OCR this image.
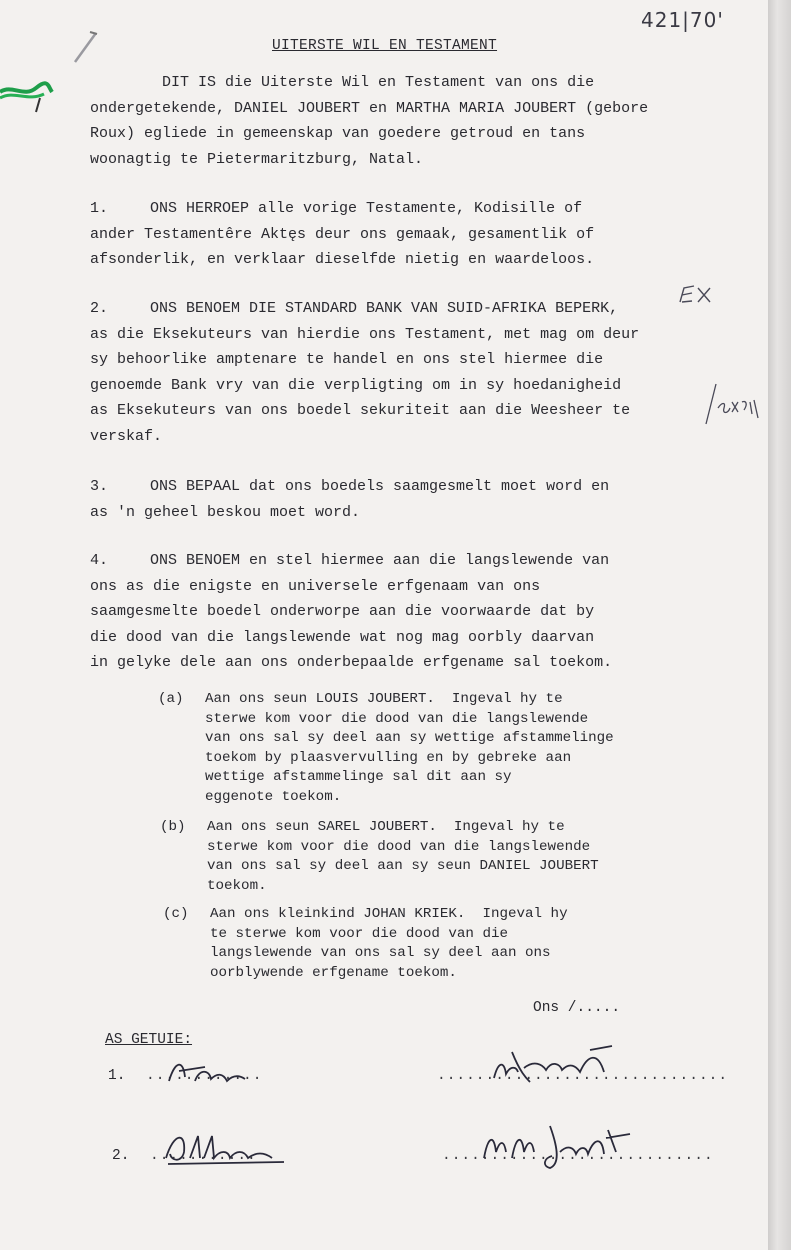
421|70'
UITERSTE WIL EN TESTAMENT
DIT IS die Uiterste Wil en Testament van ons die
ondergetekende, DANIEL JOUBERT en MARTHA MARIA JOUBERT (gebore
Roux) egliede in gemeenskap van goedere getroud en tans
woonagtig te Pietermaritzburg, Natal.
1.	ONS HERROEP alle vorige Testamente, Kodisille of
ander Testamentêre Aktęs deur ons gemaak, gesamentlik of
afsonderlik, en verklaar dieselfde nietig en waardeloos.
2.	ONS BENOEM DIE STANDARD BANK VAN SUID-AFRIKA BEPERK,
as die Eksekuteurs van hierdie ons Testament, met mag om deur
sy behoorlike amptenare te handel en ons stel hiermee die
genoemde Bank vry van die verpligting om in sy hoedanigheid
as Eksekuteurs van ons boedel sekuriteit aan die Weesheer te
verskaf.
3.	ONS BEPAAL dat ons boedels saamgesmelt moet word en
as 'n geheel beskou moet word.
4.	ONS BENOEM en stel hiermee aan die langslewende van
ons as die enigste en universele erfgenaam van ons
saamgesmelte boedel onderworpe aan die voorwaarde dat by
die dood van die langslewende wat nog mag oorbly daarvan
in gelyke dele aan ons onderbepaalde erfgename sal toekom.
(a)	Aan ons seun LOUIS JOUBERT.  Ingeval hy te
sterwe kom voor die dood van die langslewende
van ons sal sy deel aan sy wettige afstammelinge
toekom by plaasvervulling en by gebreke aan
wettige afstammelinge sal dit aan sy
eggenote toekom.
(b)	Aan ons seun SAREL JOUBERT.  Ingeval hy te
sterwe kom voor die dood van die langslewende
van ons sal sy deel aan sy seun DANIEL JOUBERT
toekom.
(c)	Aan ons kleinkind JOHAN KRIEK.  Ingeval hy
te sterwe kom voor die dood van die
langslewende van ons sal sy deel aan ons
oorblywende erfgename toekom.
Ons /.....
AS GETUIE:
1. ............	..............................
2. ...........	............................
